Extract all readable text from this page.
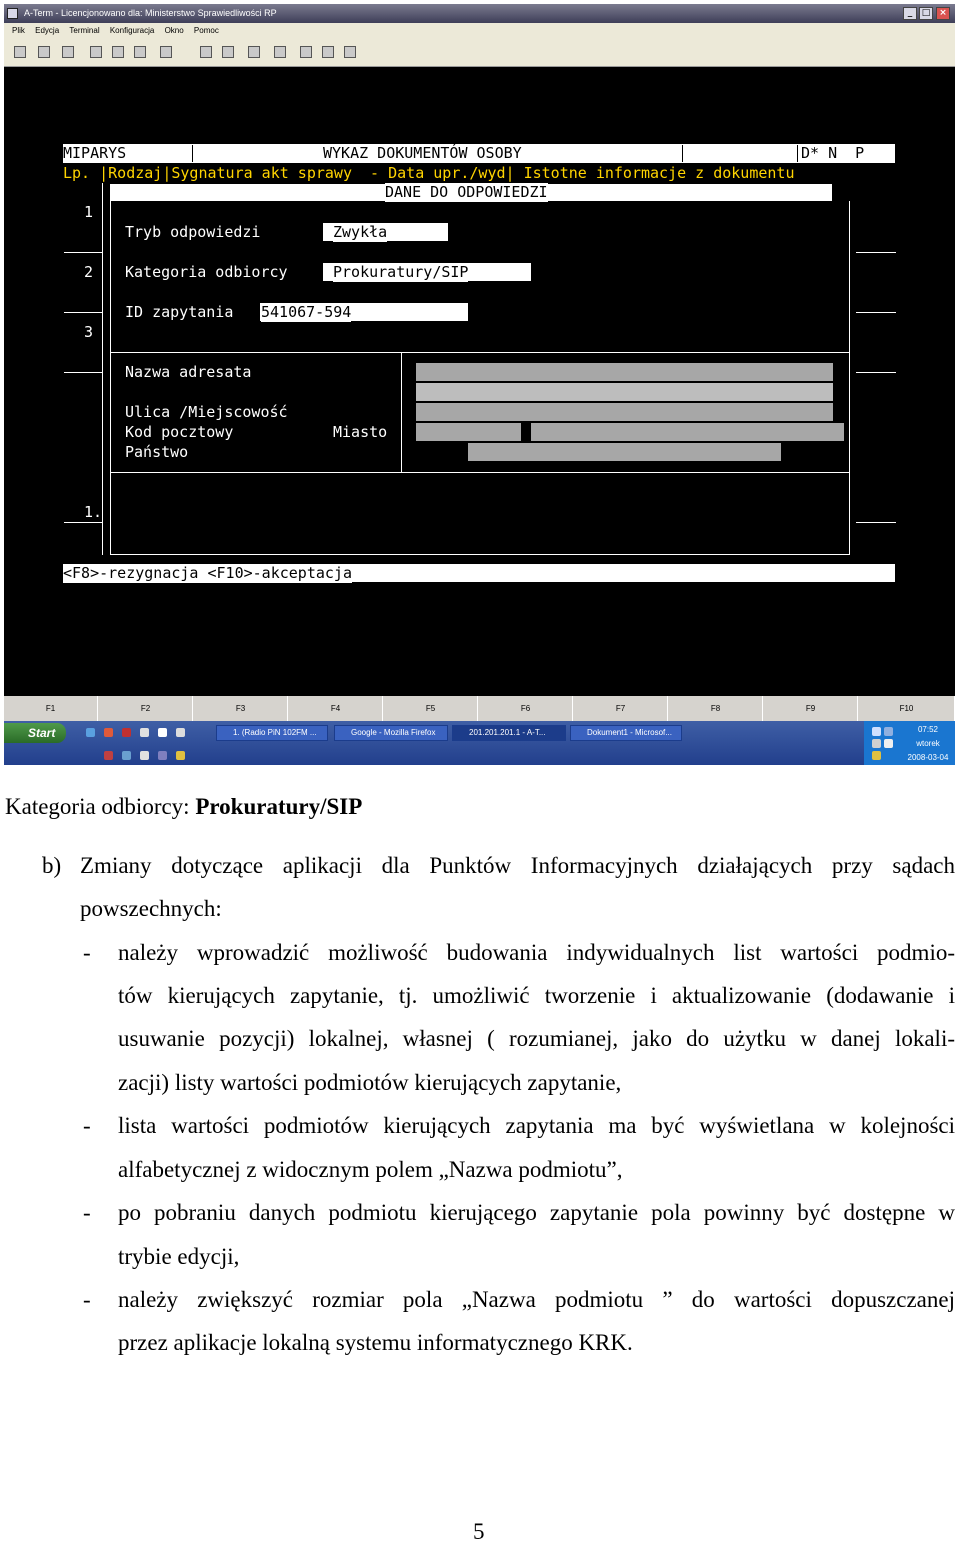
A-Term - Licencjonowano dla: Ministerstwo Sprawiedliwości RP	_	□ ×
Plik Edycja Terminal Konfiguracja Okno Pomoc
MIPARYS	WYKAZ DOKUMENTÓW OSOBY	D* N  P
Lp. |Rodzaj|Sygnatura akt sprawy  - Data upr./wyd| Istotne informacje z dokumentu
DANE DO ODPOWIEDZI
1
2
3
1.
Tryb odpowiedzi	Zwykła
Kategoria odbiorcy	Prokuratury/SIP
ID zapytania 541067-594
Nazwa adresata
Ulica /Miejscowość
Kod pocztowy	Miasto
Państwo
<F8>-rezygnacja <F10>-akceptacja
F1	F2	F3	F4	F5	F6	F7	F8	F9	F10
Start	1. (Radio PiN 102FM ...	Google - Mozilla Firefox	201.201.201.1 - A-T...	Dokument1 - Microsof...	07:52
wtorek
2008-03-04
Kategoria odbiorcy: Prokuratury/SIP
b) Zmiany dotyczące aplikacji dla Punktów Informacyjnych działających przy sądach
powszechnych:
- należy wprowadzić możliwość budowania indywidualnych list wartości podmio-
tów kierujących zapytanie, tj. umożliwić tworzenie i aktualizowanie (dodawanie i
usuwanie pozycji) lokalnej, własnej ( rozumianej, jako do użytku w danej lokali-
zacji) listy wartości podmiotów kierujących zapytanie,
- lista wartości podmiotów kierujących zapytania ma być wyświetlana w kolejności
alfabetycznej z widocznym polem „Nazwa podmiotu”,
- po pobraniu danych podmiotu kierującego zapytanie pola powinny być dostępne w
trybie edycji,
- należy zwiększyć rozmiar pola „Nazwa podmiotu ” do wartości dopuszczanej
przez aplikacje lokalną systemu informatycznego KRK.
5
